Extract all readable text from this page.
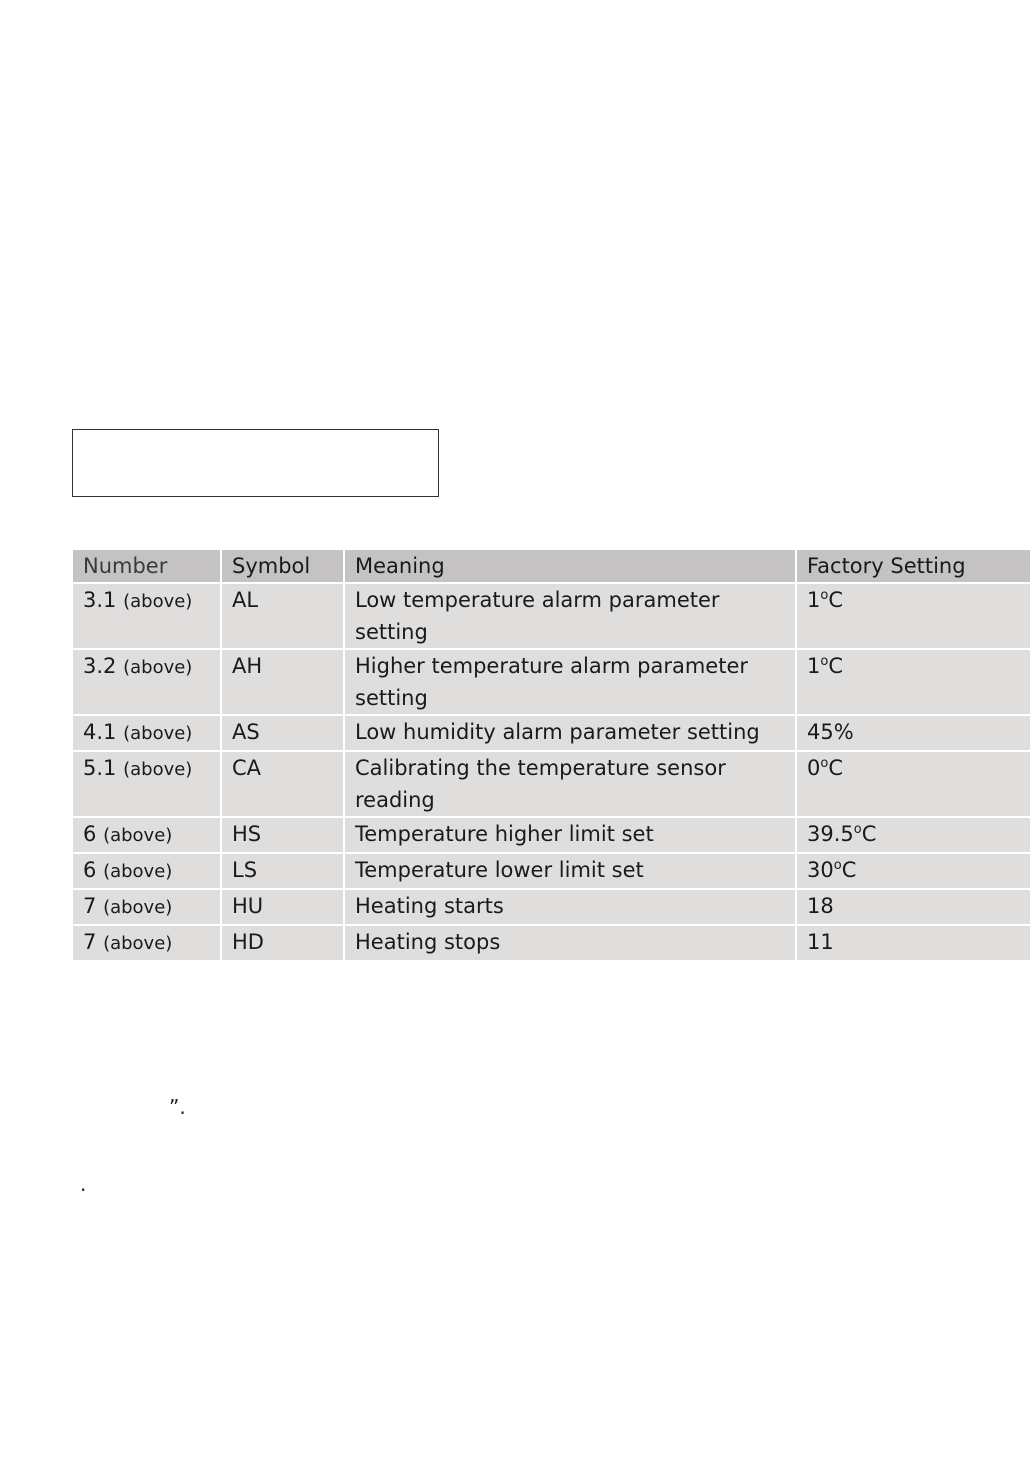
Number	Symbol	Meaning	Factory Setting
3.1 (above)	AL	Low temperature alarm parameter setting	1$^o$C
3.2 (above)	AH	Higher temperature alarm parameter setting	1$^o$C
4.1 (above)	AS	Low humidity alarm parameter setting	45%
5.1 (above)	CA	Calibrating the temperature sensor reading	0$^o$C
6 (above)	HS	Temperature higher limit set	39.5$^o$C
6 (above)	LS	Temperature lower limit set	30$^o$C
7 (above)	HU	Heating starts	18
7 (above)	HD	Heating stops	11
”.
.
